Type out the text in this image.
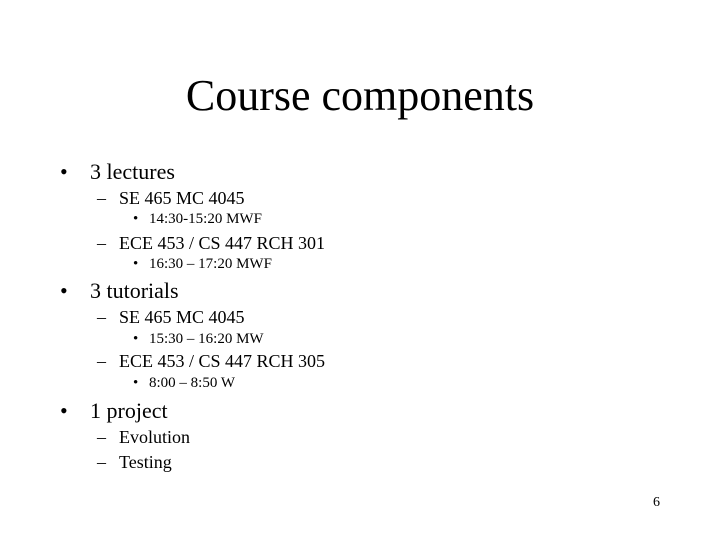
Course components
• 3 lectures
– SE 465 MC 4045
• 14:30-15:20 MWF
– ECE 453 / CS 447 RCH 301
• 16:30 – 17:20 MWF
• 3 tutorials
– SE 465 MC 4045
• 15:30 – 16:20 MW
– ECE 453 / CS 447 RCH 305
• 8:00 – 8:50 W
• 1 project
– Evolution
– Testing
6
